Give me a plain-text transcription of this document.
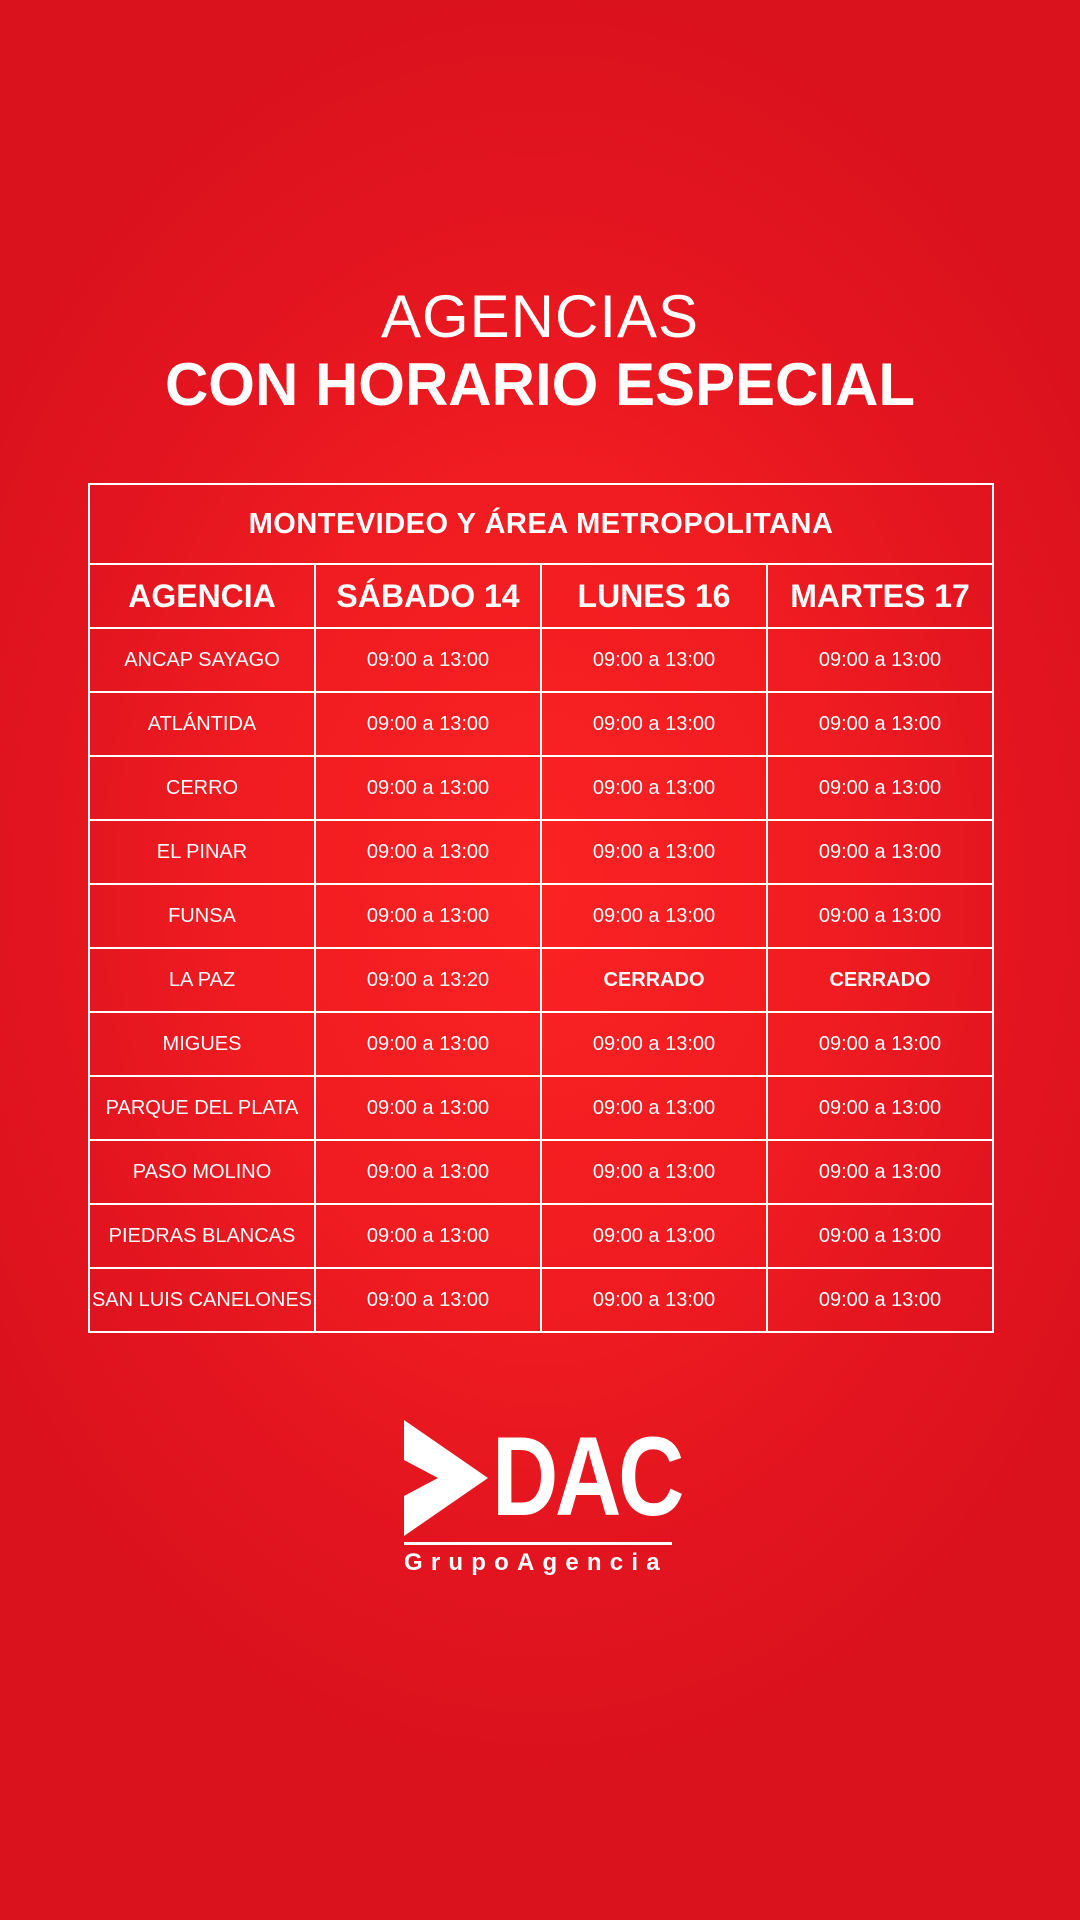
AGENCIAS
CON HORARIO ESPECIAL
MONTEVIDEO Y ÁREA METROPOLITANA			
AGENCIA	SÁBADO 14	LUNES 16	MARTES 17
ANCAP SAYAGO	09:00 a 13:00	09:00 a 13:00	09:00 a 13:00
ATLÁNTIDA	09:00 a 13:00	09:00 a 13:00	09:00 a 13:00
CERRO	09:00 a 13:00	09:00 a 13:00	09:00 a 13:00
EL PINAR	09:00 a 13:00	09:00 a 13:00	09:00 a 13:00
FUNSA	09:00 a 13:00	09:00 a 13:00	09:00 a 13:00
LA PAZ	09:00 a 13:20	CERRADO	CERRADO
MIGUES	09:00 a 13:00	09:00 a 13:00	09:00 a 13:00
PARQUE DEL PLATA	09:00 a 13:00	09:00 a 13:00	09:00 a 13:00
PASO MOLINO	09:00 a 13:00	09:00 a 13:00	09:00 a 13:00
PIEDRAS BLANCAS	09:00 a 13:00	09:00 a 13:00	09:00 a 13:00
SAN LUIS CANELONES	09:00 a 13:00	09:00 a 13:00	09:00 a 13:00
DAC
GrupoAgencia
